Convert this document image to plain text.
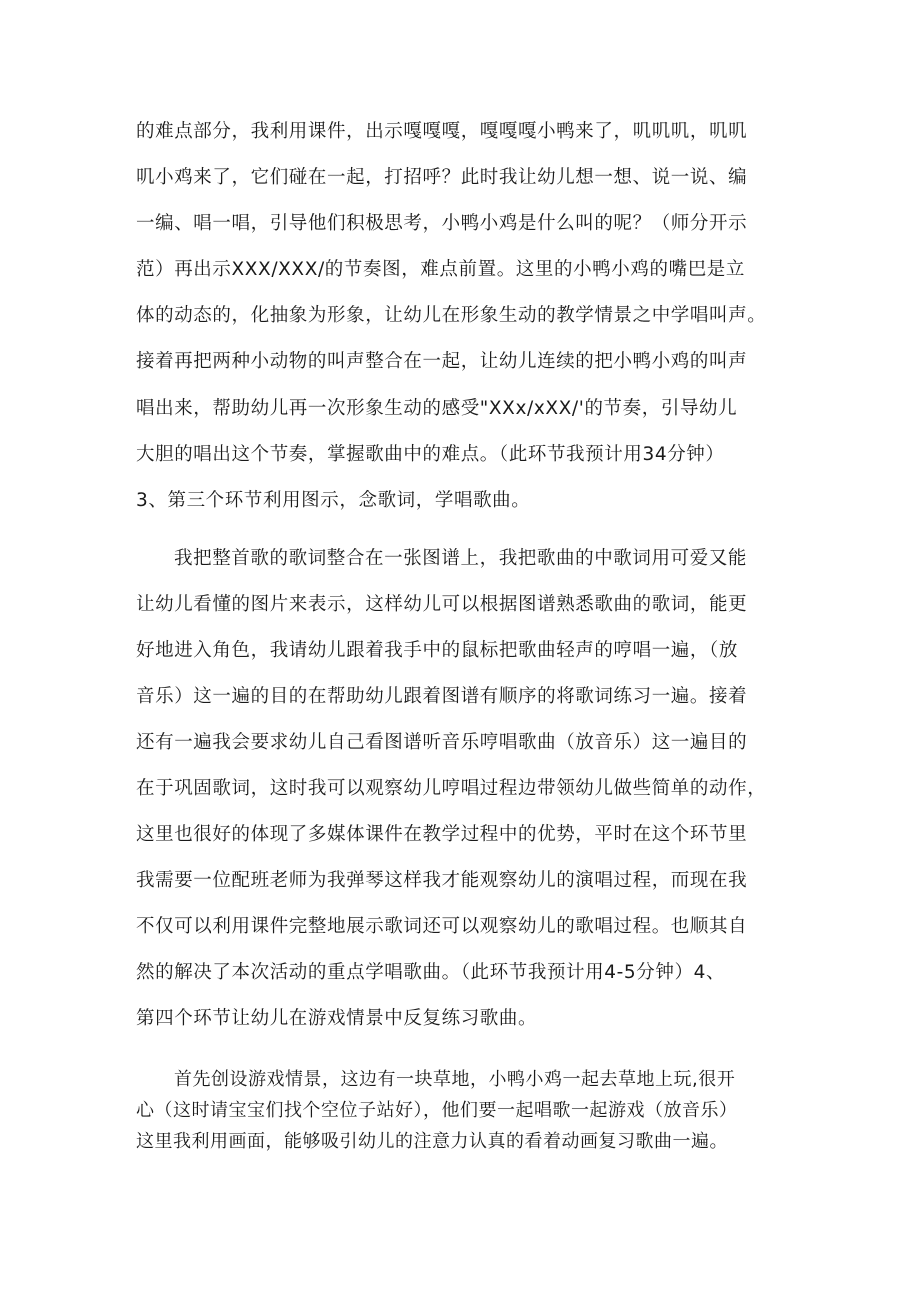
的难点部分，我利用课件，出示嘎嘎嘎，嘎嘎嘎小鸭来了，叽叽叽，叽叽

叽小鸡来了，它们碰在一起，打招呼？此时我让幼儿想一想、说一说、编

一编、唱一唱，引导他们积极思考，小鸭小鸡是什么叫的呢？（师分开示

范）再出示XXX/XXX/的节奏图，难点前置。这里的小鸭小鸡的嘴巴是立

体的动态的，化抽象为形象，让幼儿在形象生动的教学情景之中学唱叫声。

接着再把两种小动物的叫声整合在一起，让幼儿连续的把小鸭小鸡的叫声

唱出来，帮助幼儿再一次形象生动的感受"XXx/xXX/'的节奏，引导幼儿

大胆的唱出这个节奏，掌握歌曲中的难点。（此环节我预计用34分钟）

3、第三个环节利用图示，念歌词，学唱歌曲。

我把整首歌的歌词整合在一张图谱上，我把歌曲的中歌词用可爱又能

让幼儿看懂的图片来表示，这样幼儿可以根据图谱熟悉歌曲的歌词，能更

好地进入角色，我请幼儿跟着我手中的鼠标把歌曲轻声的哼唱一遍，（放

音乐）这一遍的目的在帮助幼儿跟着图谱有顺序的将歌词练习一遍。接着

还有一遍我会要求幼儿自己看图谱听音乐哼唱歌曲（放音乐）这一遍目的

在于巩固歌词，这时我可以观察幼儿哼唱过程边带领幼儿做些简单的动作，

这里也很好的体现了多媒体课件在教学过程中的优势，平时在这个环节里

我需要一位配班老师为我弹琴这样我才能观察幼儿的演唱过程，而现在我

不仅可以利用课件完整地展示歌词还可以观察幼儿的歌唱过程。也顺其自

然的解决了本次活动的重点学唱歌曲。（此环节我预计用4-5分钟）4、

第四个环节让幼儿在游戏情景中反复练习歌曲。

首先创设游戏情景，这边有一块草地，小鸭小鸡一起去草地上玩,很开

心（这时请宝宝们找个空位子站好），他们要一起唱歌一起游戏（放音乐）

这里我利用画面，能够吸引幼儿的注意力认真的看着动画复习歌曲一遍。
